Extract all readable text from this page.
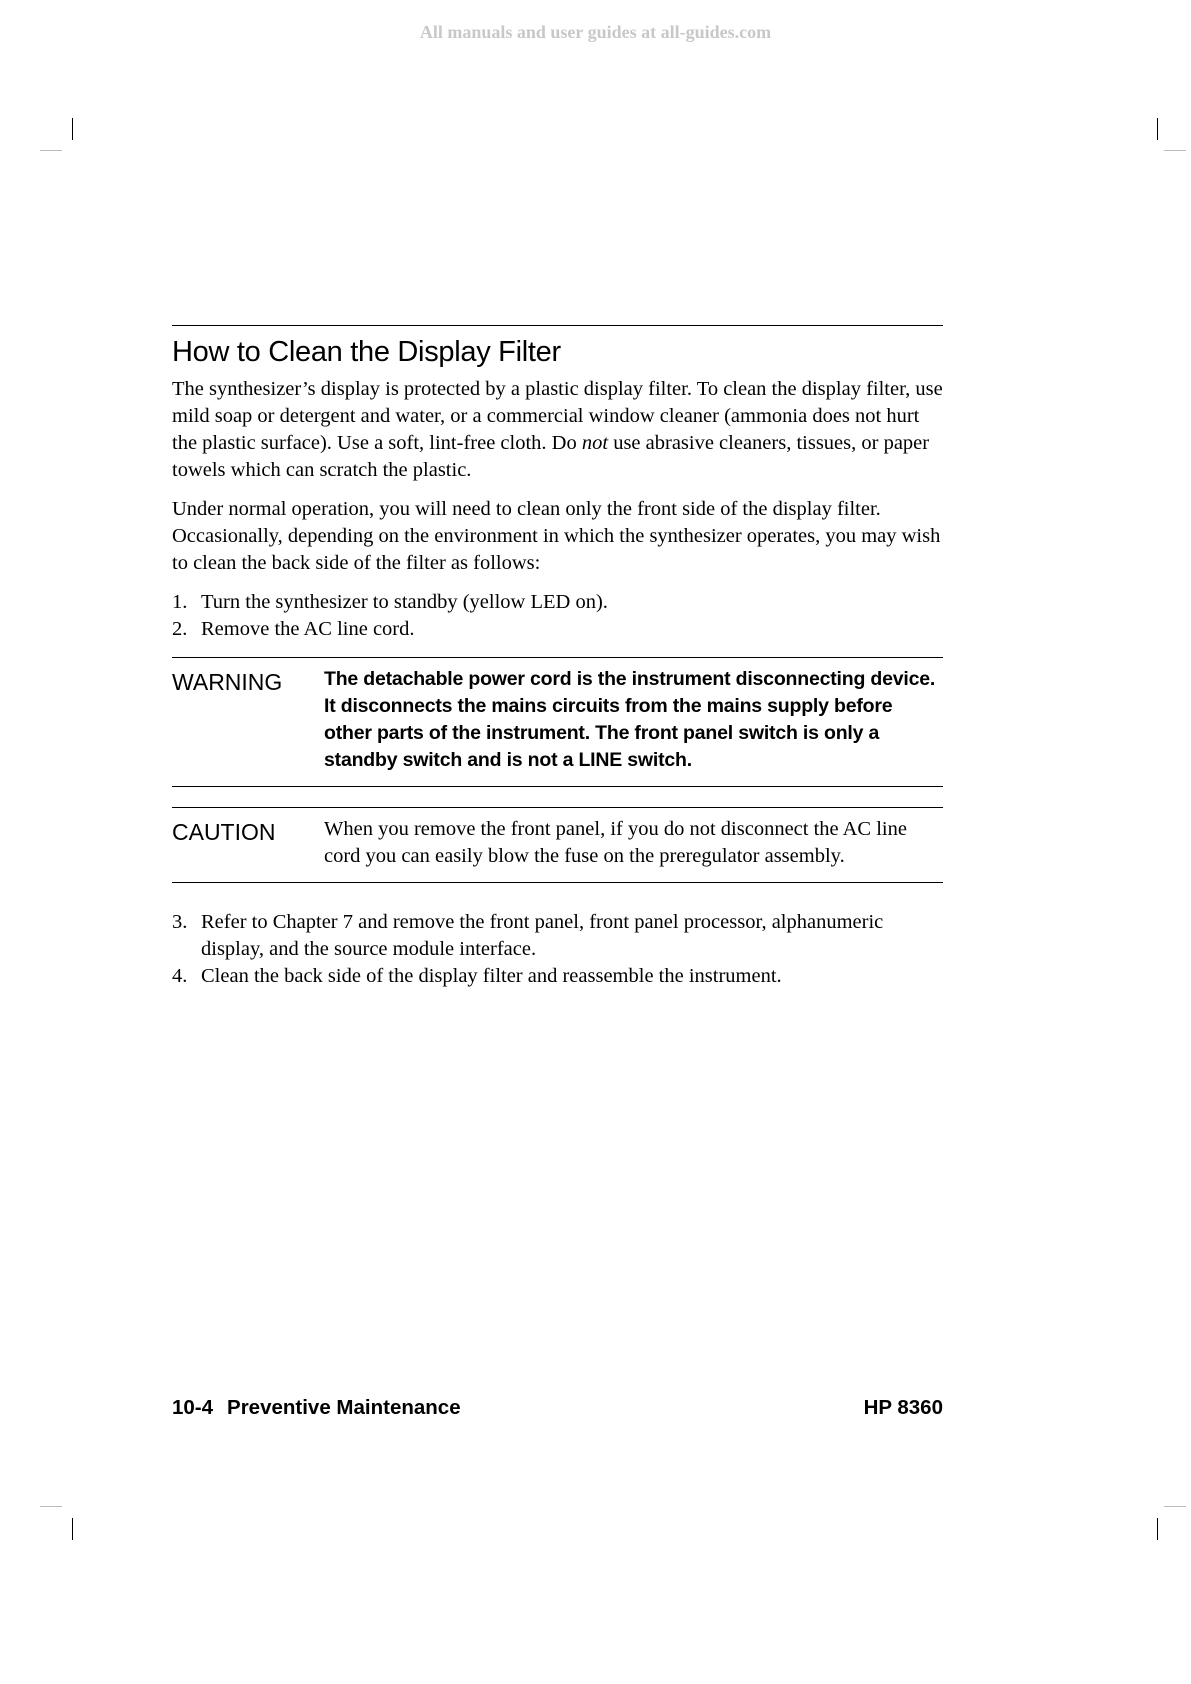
All manuals and user guides at all-guides.com
How to Clean the Display Filter

The synthesizer’s display is protected by a plastic display filter. To clean the display filter, use mild soap or detergent and water, or a commercial window cleaner (ammonia does not hurt the plastic surface). Use a soft, lint-free cloth. Do not use abrasive cleaners, tissues, or paper towels which can scratch the plastic.

Under normal operation, you will need to clean only the front side of the display filter. Occasionally, depending on the environment in which the synthesizer operates, you may wish to clean the back side of the filter as follows:

1. Turn the synthesizer to standby (yellow LED on).
2. Remove the AC line cord.
WARNING	The detachable power cord is the instrument disconnecting device. It disconnects the mains circuits from the mains supply before other parts of the instrument. The front panel switch is only a standby switch and is not a LINE switch.
CAUTION	When you remove the front panel, if you do not disconnect the AC line cord you can easily blow the fuse on the preregulator assembly.
3. Refer to Chapter 7 and remove the front panel, front panel processor, alphanumeric display, and the source module interface.
4. Clean the back side of the display filter and reassemble the instrument.
10-4 Preventive Maintenance	HP 8360
